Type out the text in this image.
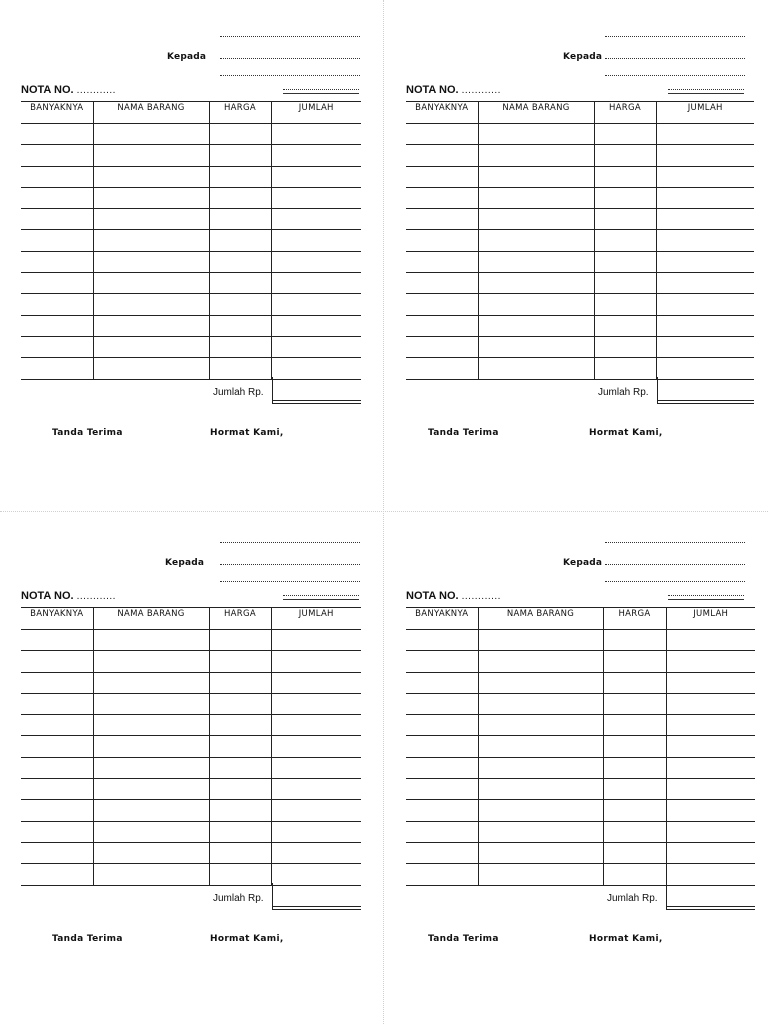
Kepada
NOTA NO. ............
BANYAKNYA	NAMA BARANG	HARGA	JUMLAH

Jumlah Rp.
Tanda Terima	Hormat Kami,
Kepada
NOTA NO. ............
BANYAKNYA	NAMA BARANG	HARGA	JUMLAH

Jumlah Rp.
Tanda Terima	Hormat Kami,
Kepada
NOTA NO. ............
BANYAKNYA	NAMA BARANG	HARGA	JUMLAH

Jumlah Rp.
Tanda Terima	Hormat Kami,
Kepada
NOTA NO. ............
BANYAKNYA	NAMA BARANG	HARGA	JUMLAH

Jumlah Rp.
Tanda Terima	Hormat Kami,
